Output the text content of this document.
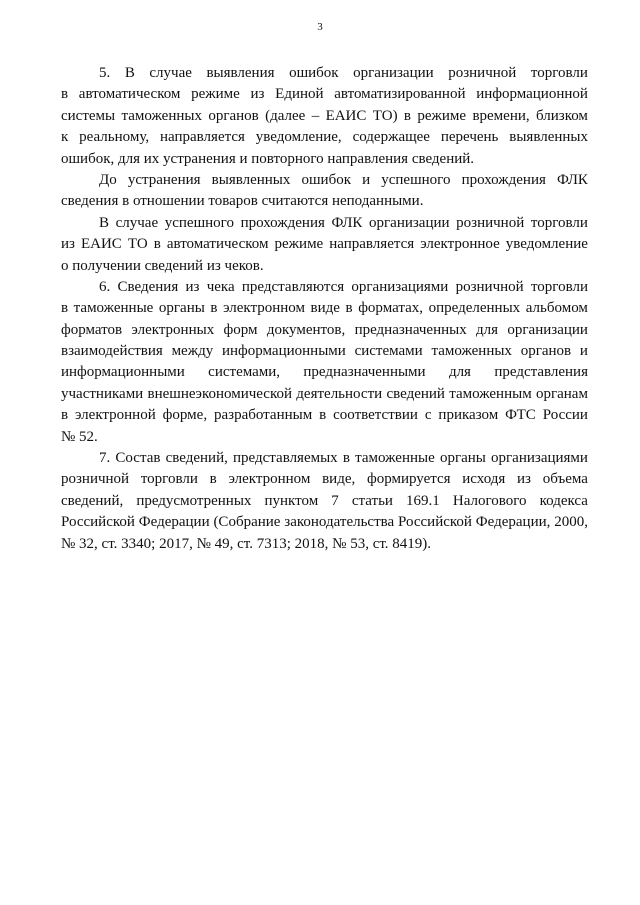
3
5. В случае выявления ошибок организации розничной торговли
в автоматическом режиме из Единой автоматизированной информационной
системы таможенных органов (далее – ЕАИС ТО) в режиме времени, близком
к реальному, направляется уведомление, содержащее перечень выявленных
ошибок, для их устранения и повторного направления сведений.
До устранения выявленных ошибок и успешного прохождения ФЛК
сведения в отношении товаров считаются неподанными.
В случае успешного прохождения ФЛК организации розничной торговли
из ЕАИС ТО в автоматическом режиме направляется электронное уведомление
о получении сведений из чеков.
6. Сведения из чека представляются организациями розничной торговли
в таможенные органы в электронном виде в форматах, определенных альбомом
форматов электронных форм документов, предназначенных для организации
взаимодействия между информационными системами таможенных органов и
информационными системами, предназначенными для представления
участниками внешнеэкономической деятельности сведений таможенным органам
в электронной форме, разработанным в соответствии с приказом ФТС России
№ 52.
7. Состав сведений, представляемых в таможенные органы организациями
розничной торговли в электронном виде, формируется исходя из объема
сведений, предусмотренных пунктом 7 статьи 169.1 Налогового кодекса
Российской Федерации (Собрание законодательства Российской Федерации, 2000,
№ 32, ст. 3340; 2017, № 49, ст. 7313; 2018, № 53, ст. 8419).
